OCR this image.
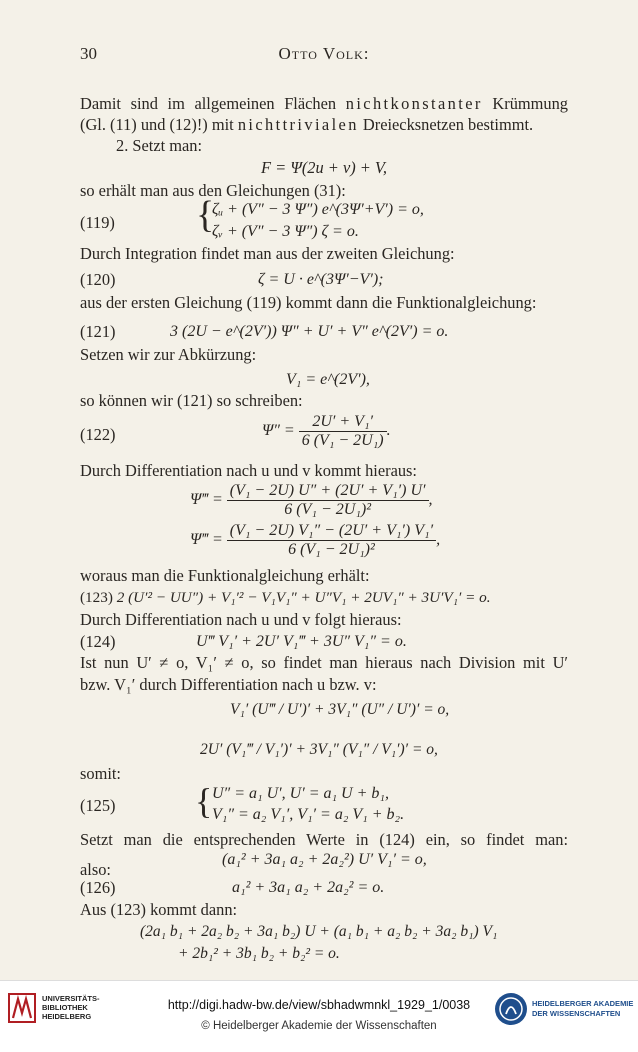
30	Otto Volk:
Damit sind im allgemeinen Flächen nichtkonstanter Krümmung
(Gl. (11) und (12)!) mit nichttrivialen Dreiecksnetzen bestimmt.
2. Setzt man:
F = Ψ(2u + v) + V,
so erhält man aus den Gleichungen (31):
(119)	{
ζᵤ + (V″ − 3 Ψ″) e^(3Ψ′+V′) = o,
ζᵥ + (V″ − 3 Ψ″) ζ = o.
Durch Integration findet man aus der zweiten Gleichung:
(120)	ζ = U · e^(3Ψ′−V′);
aus der ersten Gleichung (119) kommt dann die Funktionalgleichung:
(121)	3 (2U − e^(2V′)) Ψ″ + U′ + V″ e^(2V′) = o.
Setzen wir zur Abkürzung:
V₁ = e^(2V′),
so können wir (121) so schreiben:
(122)	$\Psi'' = \frac{\text{2U′ + V₁′}}{\text{6 (V₁ − 2U₁)}}$ .
Durch Differentiation nach u und v kommt hieraus:
Ψ‴ = $\frac{\text{(V₁ − 2U) U″ + (2U′ + V₁′) U′}}{\text{6 (V₁ − 2U₁)²}}$ ,
Ψ‴ = $\frac{\text{(V₁ − 2U) V₁″ − (2U′ + V₁′) V₁′}}{\text{6 (V₁ − 2U₁)²}}$ ,
woraus man die Funktionalgleichung erhält:
(123) 2 (U′² − UU″) + V₁′² − V₁V₁″ + U″V₁ + 2UV₁″ + 3U′V₁′ = o.
Durch Differentiation nach u und v folgt hieraus:
(124)	U‴ V₁′ + 2U′ V₁‴ + 3U″ V₁″ = o.
Ist nun U′ ≠ o, V₁′ ≠ o, so findet man hieraus nach Division mit U′
bzw. V₁′ durch Differentiation nach u bzw. v:
V₁′ (U‴ / U′)′ + 3V₁″ (U″ / U′)′ = o,
2U′ (V₁‴ / V₁′)′ + 3V₁″ (V₁″ / V₁′)′ = o,
somit:
(125)	{ U″ = a₁ U′, U′ = a₁ U + b₁,
V₁″ = a₂ V₁′, V₁′ = a₂ V₁ + b₂.
Setzt man die entsprechenden Werte in (124) ein, so findet man:
also:
(a₁² + 3a₁ a₂ + 2a₂²) U′ V₁′ = o,
(126)	a₁² + 3a₁ a₂ + 2a₂² = o.
Aus (123) kommt dann:
(2a₁ b₁ + 2a₂ b₂ + 3a₁ b₂) U + (a₁ b₁ + a₂ b₂ + 3a₂ b₁) V₁
+ 2b₁² + 3b₁ b₂ + b₂² = o.
UNIVERSITÄTS-
BIBLIOTHEK
HEIDELBERG
http://digi.hadw-bw.de/view/sbhadwmnkl_1929_1/0038
© Heidelberger Akademie der Wissenschaften
HEIDELBERGER AKADEMIE
DER WISSENSCHAFTEN
